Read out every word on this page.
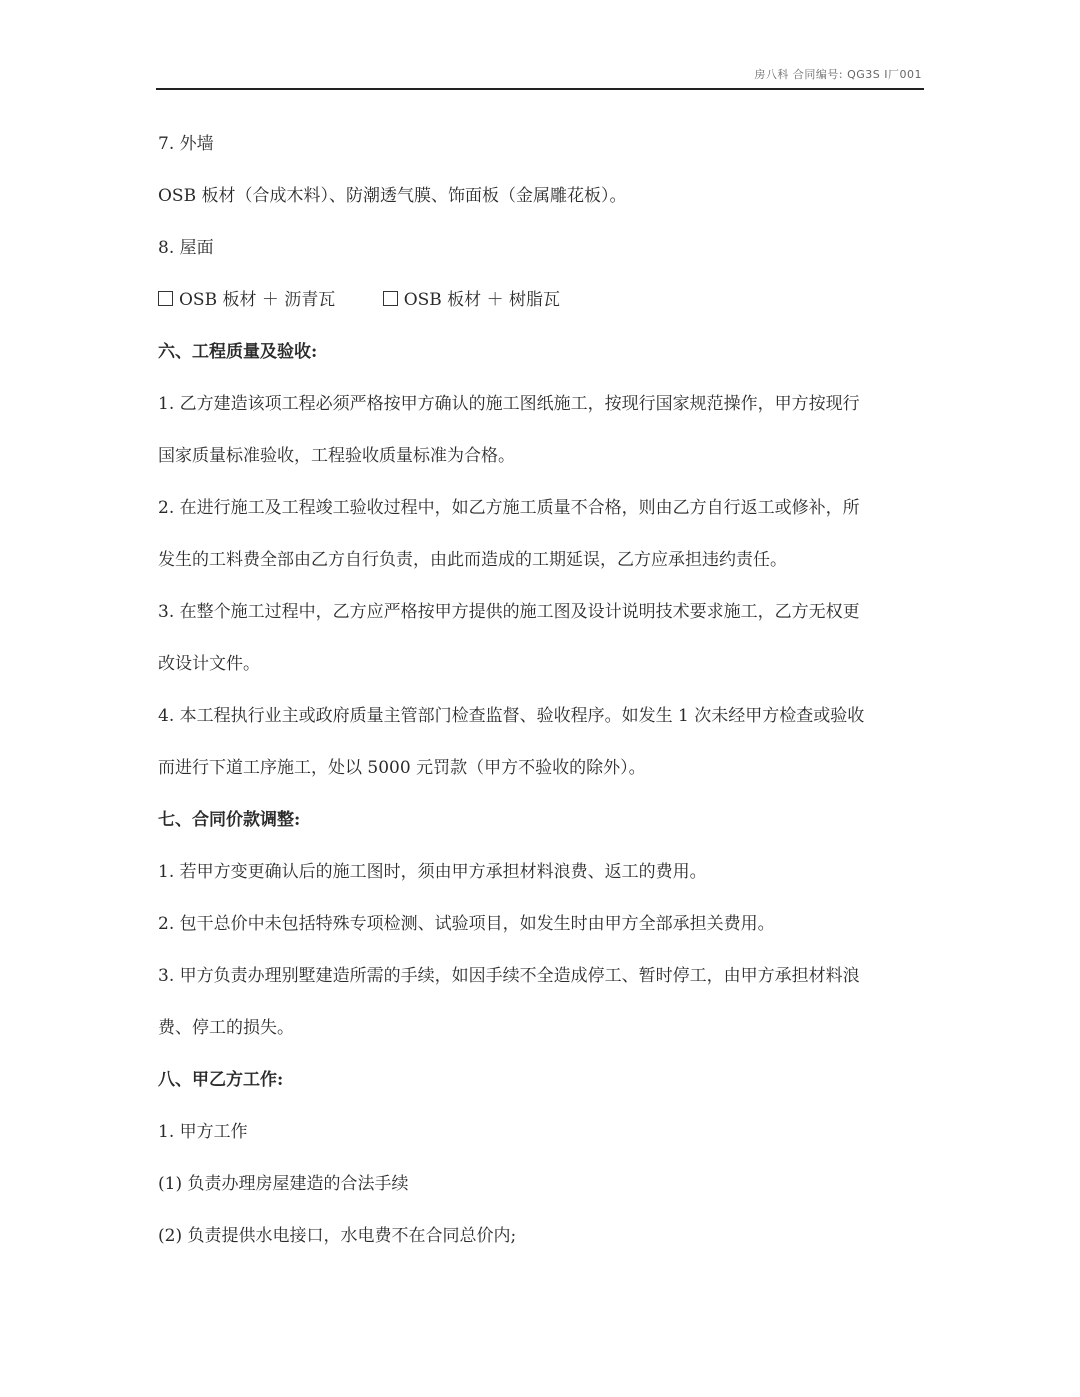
房八科 合同编号: QG3S I厂001
7. 外墙
OSB 板材（合成木料）、防潮透气膜、饰面板（金属雕花板）。
8. 屋面
OSB 板材 ＋ 沥青瓦	OSB 板材 ＋ 树脂瓦
六、工程质量及验收:
1. 乙方建造该项工程必须严格按甲方确认的施工图纸施工，按现行国家规范操作，甲方按现行
国家质量标准验收，工程验收质量标准为合格。
2. 在进行施工及工程竣工验收过程中，如乙方施工质量不合格，则由乙方自行返工或修补，所
发生的工料费全部由乙方自行负责，由此而造成的工期延误，乙方应承担违约责任。
3. 在整个施工过程中，乙方应严格按甲方提供的施工图及设计说明技术要求施工，乙方无权更
改设计文件。
4. 本工程执行业主或政府质量主管部门检查监督、验收程序。如发生 1 次未经甲方检查或验收
而进行下道工序施工，处以 5000 元罚款（甲方不验收的除外）。
七、合同价款调整:
1. 若甲方变更确认后的施工图时，须由甲方承担材料浪费、返工的费用。
2. 包干总价中未包括特殊专项检测、试验项目，如发生时由甲方全部承担关费用。
3. 甲方负责办理别墅建造所需的手续，如因手续不全造成停工、暂时停工，由甲方承担材料浪
费、停工的损失。
八、甲乙方工作:
1. 甲方工作
(1) 负责办理房屋建造的合法手续
(2) 负责提供水电接口，水电费不在合同总价内;
